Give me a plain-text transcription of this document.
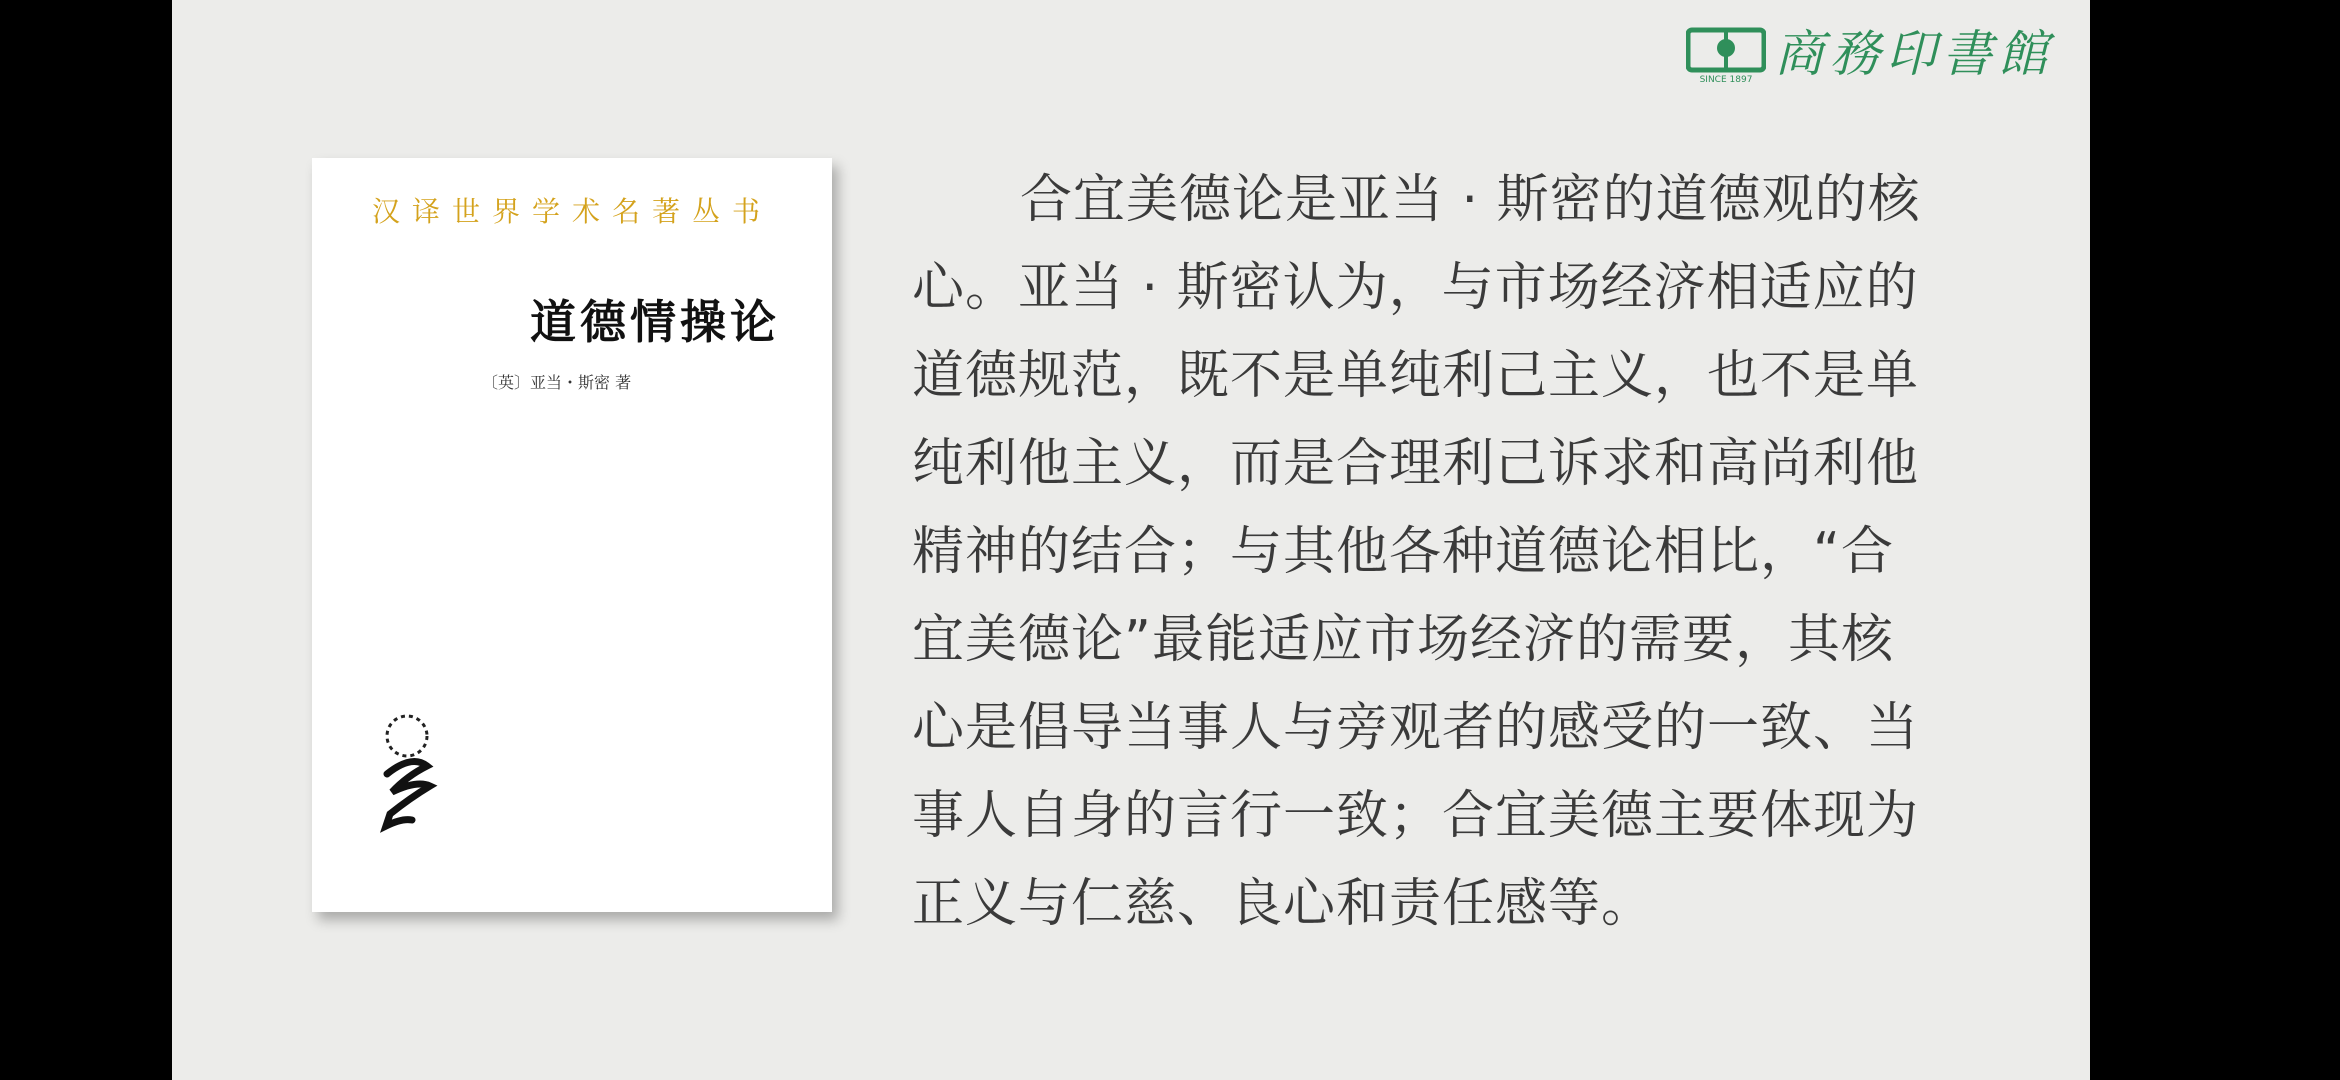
SINCE 1897 商務印書館
汉译世界学术名著丛书
道德情操论
〔英〕亚当・斯密 著
合宜美德论是亚当 · 斯密的道德观的核
心。亚当 · 斯密认为，与市场经济相适应的
道德规范，既不是单纯利己主义，也不是单
纯利他主义，而是合理利己诉求和高尚利他
精神的结合；与其他各种道德论相比，“合
宜美德论”最能适应市场经济的需要，其核
心是倡导当事人与旁观者的感受的一致、当
事人自身的言行一致；合宜美德主要体现为
正义与仁慈、良心和责任感等。
